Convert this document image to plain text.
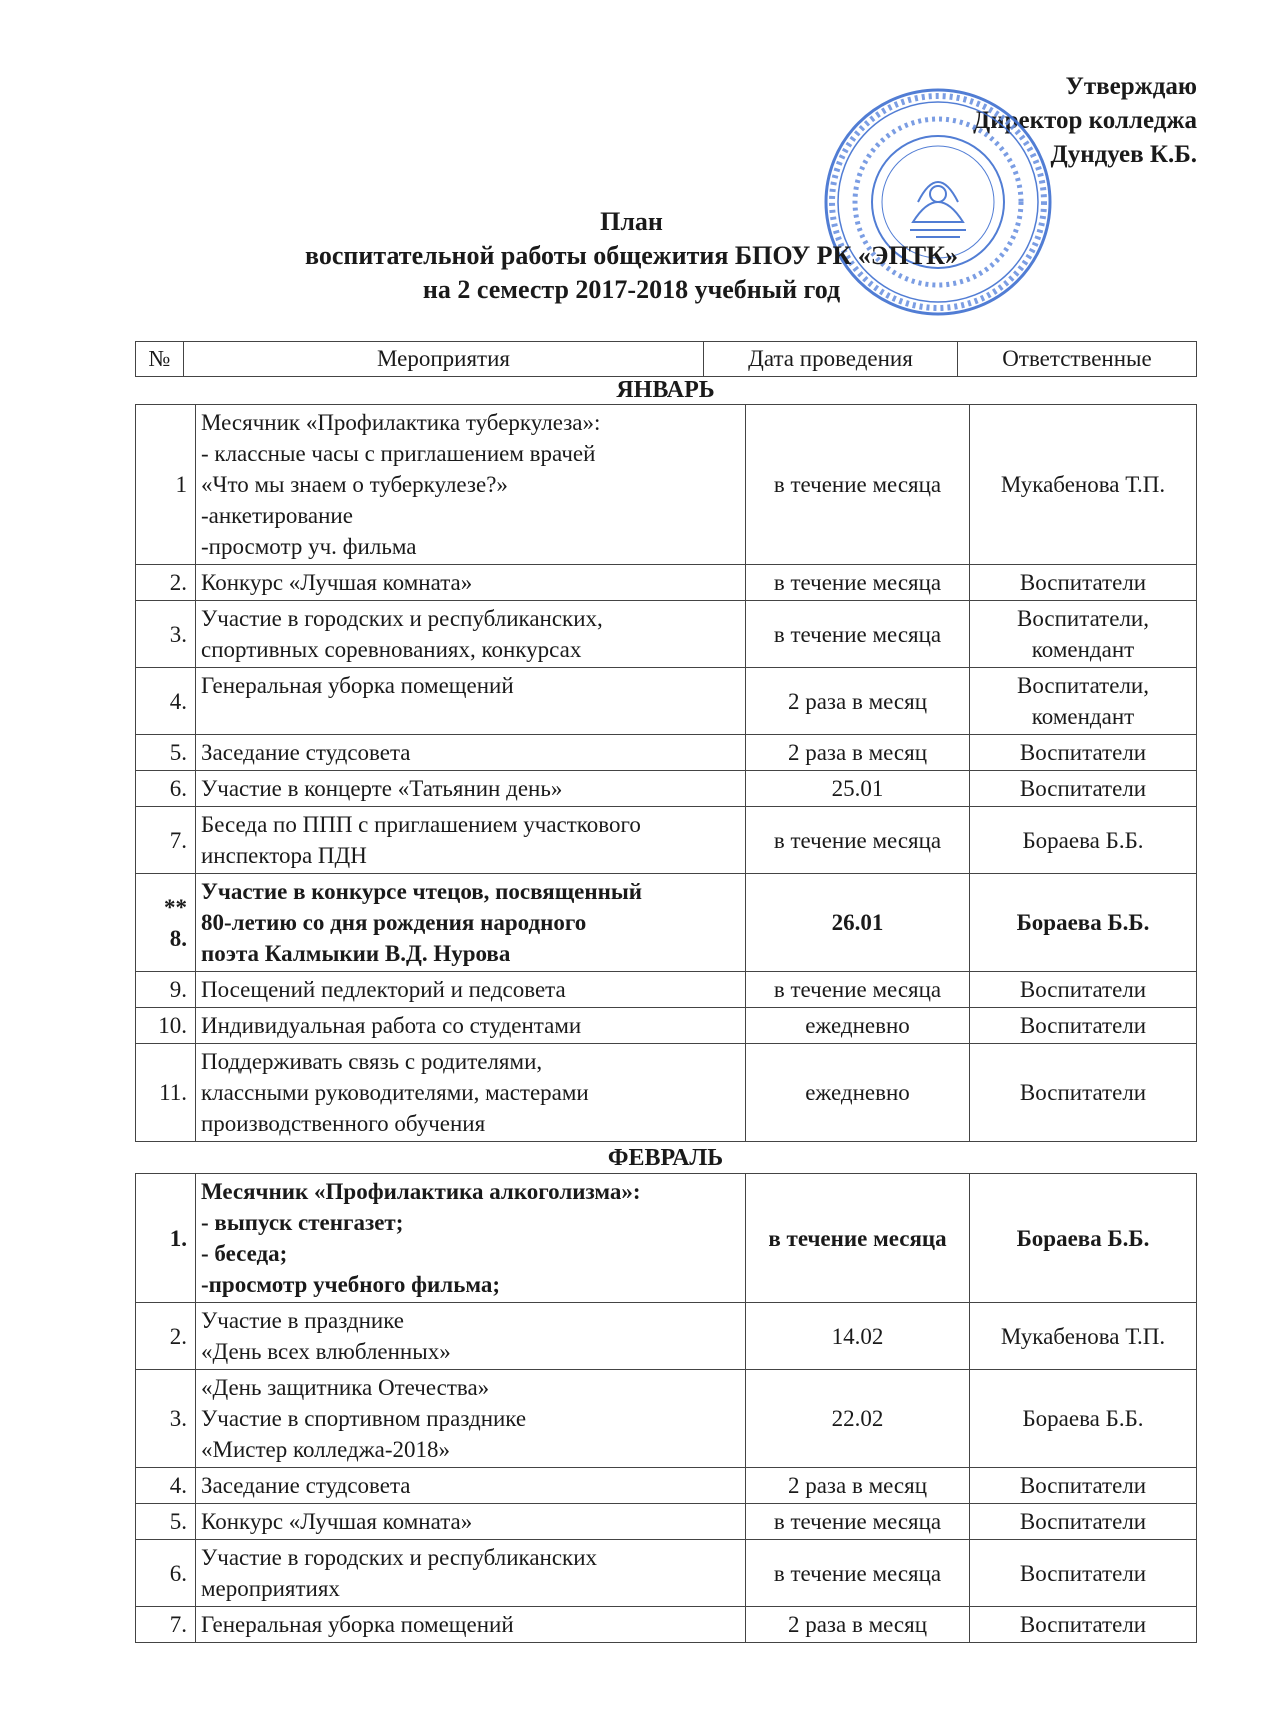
Утверждаю
Директор колледжа
Дундуев К.Б.
План
воспитательной работы общежития БПОУ РК «ЭПТК»
на 2 семестр 2017-2018 учебный год
№	Мероприятия	Дата проведения	Ответственные
ЯНВАРЬ
1	Месячник «Профилактика туберкулеза»:
- классные часы с приглашением врачей
«Что мы знаем о туберкулезе?»
-анкетирование
-просмотр уч. фильма	в течение месяца	Мукабенова Т.П.
2.	Конкурс «Лучшая комната»	в течение месяца	Воспитатели
3.	Участие в городских и республиканских,
спортивных соревнованиях, конкурсах	в течение месяца	Воспитатели, комендант
4.	Генеральная уборка помещений	2 раза в месяц	Воспитатели, комендант
5.	Заседание студсовета	2 раза в месяц	Воспитатели
6.	Участие в концерте «Татьянин день»	25.01	Воспитатели
7.	Беседа по ППП с приглашением участкового
инспектора ПДН	в течение месяца	Бораева Б.Б.
**
8.	Участие в конкурсе чтецов, посвященный
80-летию со дня рождения народного
поэта Калмыкии В.Д. Нурова	26.01	Бораева Б.Б.
9.	Посещений педлекторий и педсовета	в течение месяца	Воспитатели
10.	Индивидуальная работа со студентами	ежедневно	Воспитатели
11.	Поддерживать связь с родителями,
классными руководителями, мастерами
производственного обучения	ежедневно	Воспитатели
ФЕВРАЛЬ
1.	Месячник «Профилактика алкоголизма»:
- выпуск стенгазет;
- беседа;
-просмотр учебного фильма;	в течение месяца	Бораева Б.Б.
2.	Участие в празднике
«День всех влюбленных»	14.02	Мукабенова Т.П.
3.	«День защитника Отечества»
Участие в спортивном празднике
«Мистер колледжа-2018»	22.02	Бораева Б.Б.
4.	Заседание студсовета	2 раза в месяц	Воспитатели
5.	Конкурс «Лучшая комната»	в течение месяца	Воспитатели
6.	Участие в городских и республиканских
мероприятиях	в течение месяца	Воспитатели
7.	Генеральная уборка помещений	2 раза в месяц	Воспитатели
